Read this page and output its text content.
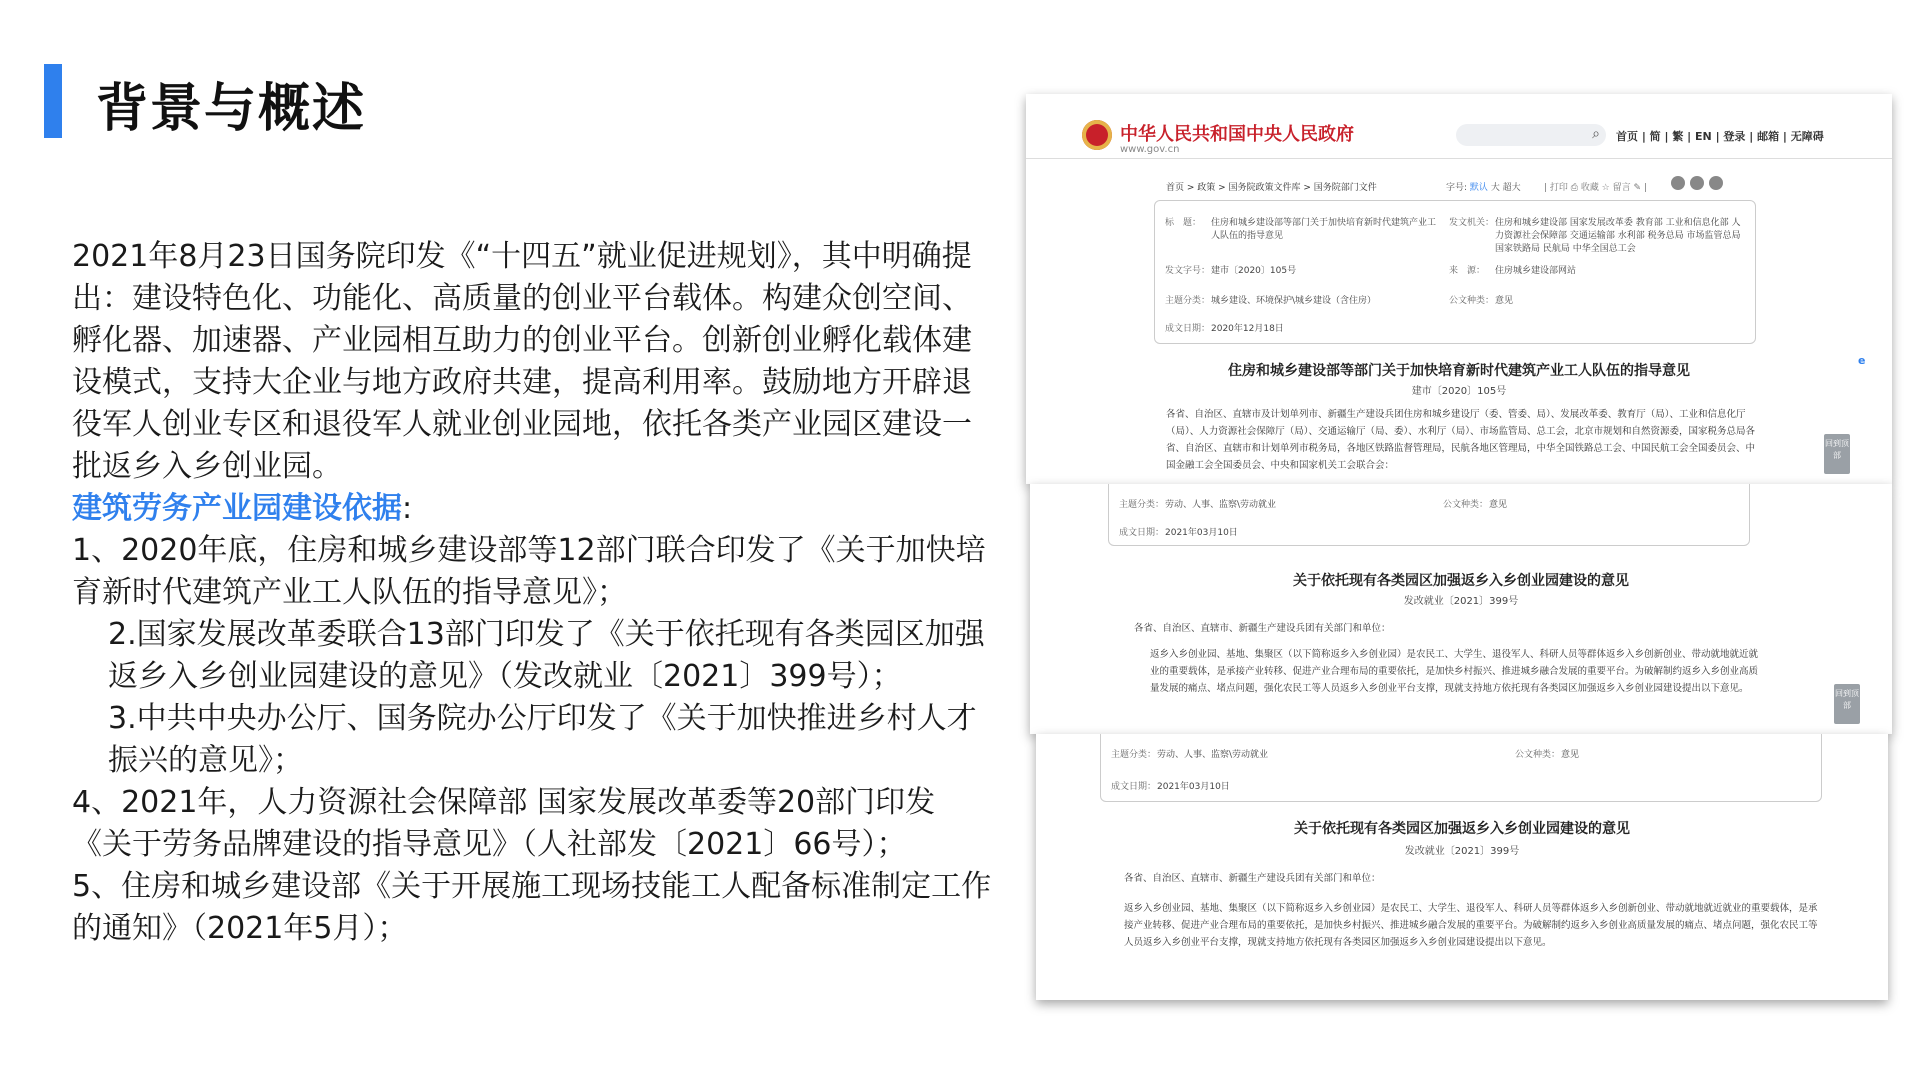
背景与概述

2021年8月23日国务院印发《“十四五”就业促进规划》，其中明确提出：建设特色化、功能化、高质量的创业平台载体。构建众创空间、孵化器、加速器、产业园相互助力的创业平台。创新创业孵化载体建设模式，支持大企业与地方政府共建，提高利用率。鼓励地方开辟退役军人创业专区和退役军人就业创业园地，依托各类产业园区建设一批返乡入乡创业园。

建筑劳务产业园建设依据:

1、2020年底，住房和城乡建设部等12部门联合印发了《关于加快培育新时代建筑产业工人队伍的指导意见》；

2.国家发展改革委联合13部门印发了《关于依托现有各类园区加强返乡入乡创业园建设的意见》（发改就业〔2021〕399号）；

3.中共中央办公厅、国务院办公厅印发了《关于加快推进乡村人才振兴的意见》；

4、2021年，人力资源社会保障部 国家发展改革委等20部门印发《关于劳务品牌建设的指导意见》（人社部发〔2021〕66号）；

5、住房和城乡建设部《关于开展施工现场技能工人配备标准制定工作的通知》（2021年5月）；

中华人民共和国中央人民政府
www.gov.cn
⌕ 首页 | 简 | 繁 | EN | 登录 | 邮箱 | 无障碍
首页 > 政策 > 国务院政策文件库 > 国务院部门文件	字号: 默认 大 超大	| 打印 ⎙ 收藏 ☆ 留言 ✎ |
标　题：	住房和城乡建设部等部门关于加快培育新时代建筑产业工人队伍的指导意见
发文机关： 住房和城乡建设部 国家发展改革委 教育部 工业和信息化部 人力资源社会保障部 交通运输部 水利部 税务总局 市场监管总局 国家铁路局 民航局 中华全国总工会
发文字号： 建市〔2020〕105号	来　源：	住房城乡建设部网站
主题分类： 城乡建设、环境保护\城乡建设（含住房）	公文种类： 意见
成文日期： 2020年12月18日
住房和城乡建设部等部门关于加快培育新时代建筑产业工人队伍的指导意见
建市〔2020〕105号
各省、自治区、直辖市及计划单列市、新疆生产建设兵团住房和城乡建设厅（委、管委、局）、发展改革委、教育厅（局）、工业和信息化厅（局）、人力资源社会保障厅（局）、交通运输厅（局、委）、水利厅（局）、市场监管局、总工会，北京市规划和自然资源委，国家税务总局各省、自治区、直辖市和计划单列市税务局，各地区铁路监督管理局，民航各地区管理局，中华全国铁路总工会、中国民航工会全国委员会、中国金融工会全国委员会、中央和国家机关工会联合会：
回到顶部
e
主题分类： 劳动、人事、监察\劳动就业	公文种类： 意见
成文日期： 2021年03月10日
关于依托现有各类园区加强返乡入乡创业园建设的意见
发改就业〔2021〕399号
各省、自治区、直辖市、新疆生产建设兵团有关部门和单位：
返乡入乡创业园、基地、集聚区（以下简称返乡入乡创业园）是农民工、大学生、退役军人、科研人员等群体返乡入乡创新创业、带动就地就近就业的重要载体，是承接产业转移、促进产业合理布局的重要依托，是加快乡村振兴、推进城乡融合发展的重要平台。为破解制约返乡入乡创业高质量发展的痛点、堵点问题，强化农民工等人员返乡入乡创业平台支撑，现就支持地方依托现有各类园区加强返乡入乡创业园建设提出以下意见。	回到顶部
主题分类： 劳动、人事、监察\劳动就业	公文种类： 意见
成文日期： 2021年03月10日
关于依托现有各类园区加强返乡入乡创业园建设的意见
发改就业〔2021〕399号
各省、自治区、直辖市、新疆生产建设兵团有关部门和单位：
返乡入乡创业园、基地、集聚区（以下简称返乡入乡创业园）是农民工、大学生、退役军人、科研人员等群体返乡入乡创新创业、带动就地就近就业的重要载体，是承接产业转移、促进产业合理布局的重要依托，是加快乡村振兴、推进城乡融合发展的重要平台。为破解制约返乡入乡创业高质量发展的痛点、堵点问题，强化农民工等人员返乡入乡创业平台支撑，现就支持地方依托现有各类园区加强返乡入乡创业园建设提出以下意见。
